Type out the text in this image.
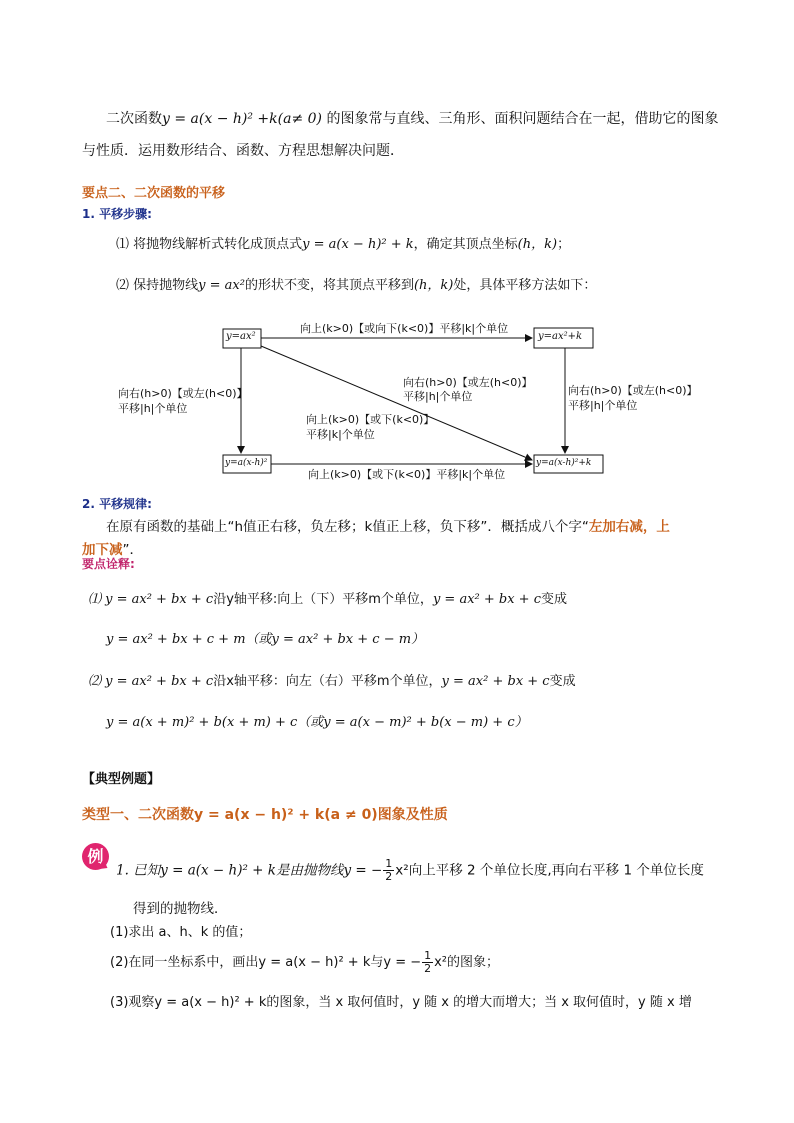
二次函数y = a(x − h)² +k(a≠ 0) 的图象常与直线、三角形、面积问题结合在一起，借助它的图象
与性质．运用数形结合、函数、方程思想解决问题．
要点二、二次函数的平移
1. 平移步骤:
⑴ 将抛物线解析式转化成顶点式y = a(x − h)² + k，确定其顶点坐标(h，k)；
⑵ 保持抛物线y = ax²的形状不变，将其顶点平移到(h，k)处，具体平移方法如下：
y=ax²	y=ax²+k
y=a(x-h)²	y=a(x-h)²+k
向上(k>0)【或向下(k<0)】平移|k|个单位
向右(h>0)【或左(h<0)】
平移|h|个单位
向右(h>0)【或左(h<0)】
平移|h|个单位
向右(h>0)【或左(h<0)】
平移|h|个单位
向上(k>0)【或下(k<0)】
平移|k|个单位
向上(k>0)【或下(k<0)】平移|k|个单位
2. 平移规律:
在原有函数的基础上“h值正右移，负左移；k值正上移，负下移”．概括成八个字“左加右减，上
加下减”．
要点诠释:
⑴ y = ax² + bx + c沿y轴平移:向上（下）平移m个单位，y = ax² + bx + c变成
y = ax² + bx + c + m（或y = ax² + bx + c − m）
⑵ y = ax² + bx + c沿x轴平移：向左（右）平移m个单位，y = ax² + bx + c变成
y = a(x + m)² + b(x + m) + c（或y = a(x − m)² + b(x − m) + c）
【典型例题】
类型一、二次函数y = a(x − h)² + k(a ≠ 0)图象及性质
例
1. 已知y = a(x − h)² + k是由抛物线y = − $\frac{1}{2} x^2$向上平移 2 个单位长度,再向右平移 1 个单位长度
得到的抛物线．
(1)求出 a、h、k 的值；
(2)在同一坐标系中，画出y = a(x − h)² + k与y = − $\frac{1}{2} x^2$的图象；
(3)观察y = a(x − h)² + k的图象，当 x 取何值时，y 随 x 的增大而增大；当 x 取何值时，y 随 x 增
